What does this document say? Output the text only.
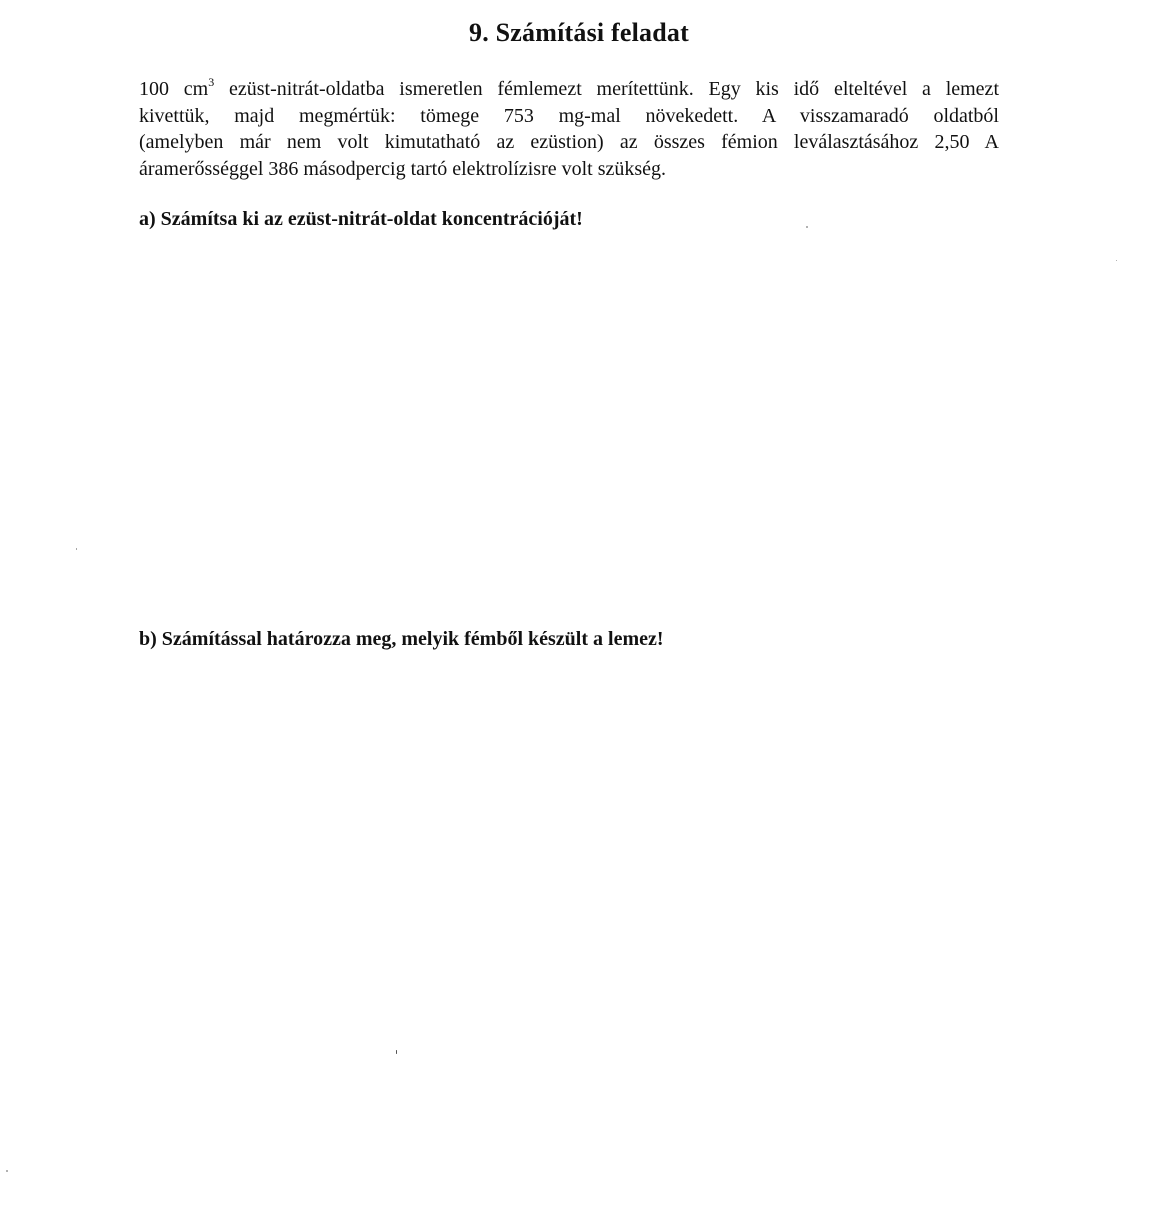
9. Számítási feladat
100 $cm^3$ ezüst-nitrát-oldatba ismeretlen fémlemezt merítettünk. Egy kis idő elteltével a lemezt
kivettük, majd megmértük: tömege 753 mg-mal növekedett. A visszamaradó oldatból
(amelyben már nem volt kimutatható az ezüstion) az összes fémion leválasztásához 2,50 A
áramerősséggel 386 másodpercig tartó elektrolízisre volt szükség.
a) Számítsa ki az ezüst-nitrát-oldat koncentrációját!
b) Számítással határozza meg, melyik fémből készült a lemez!
